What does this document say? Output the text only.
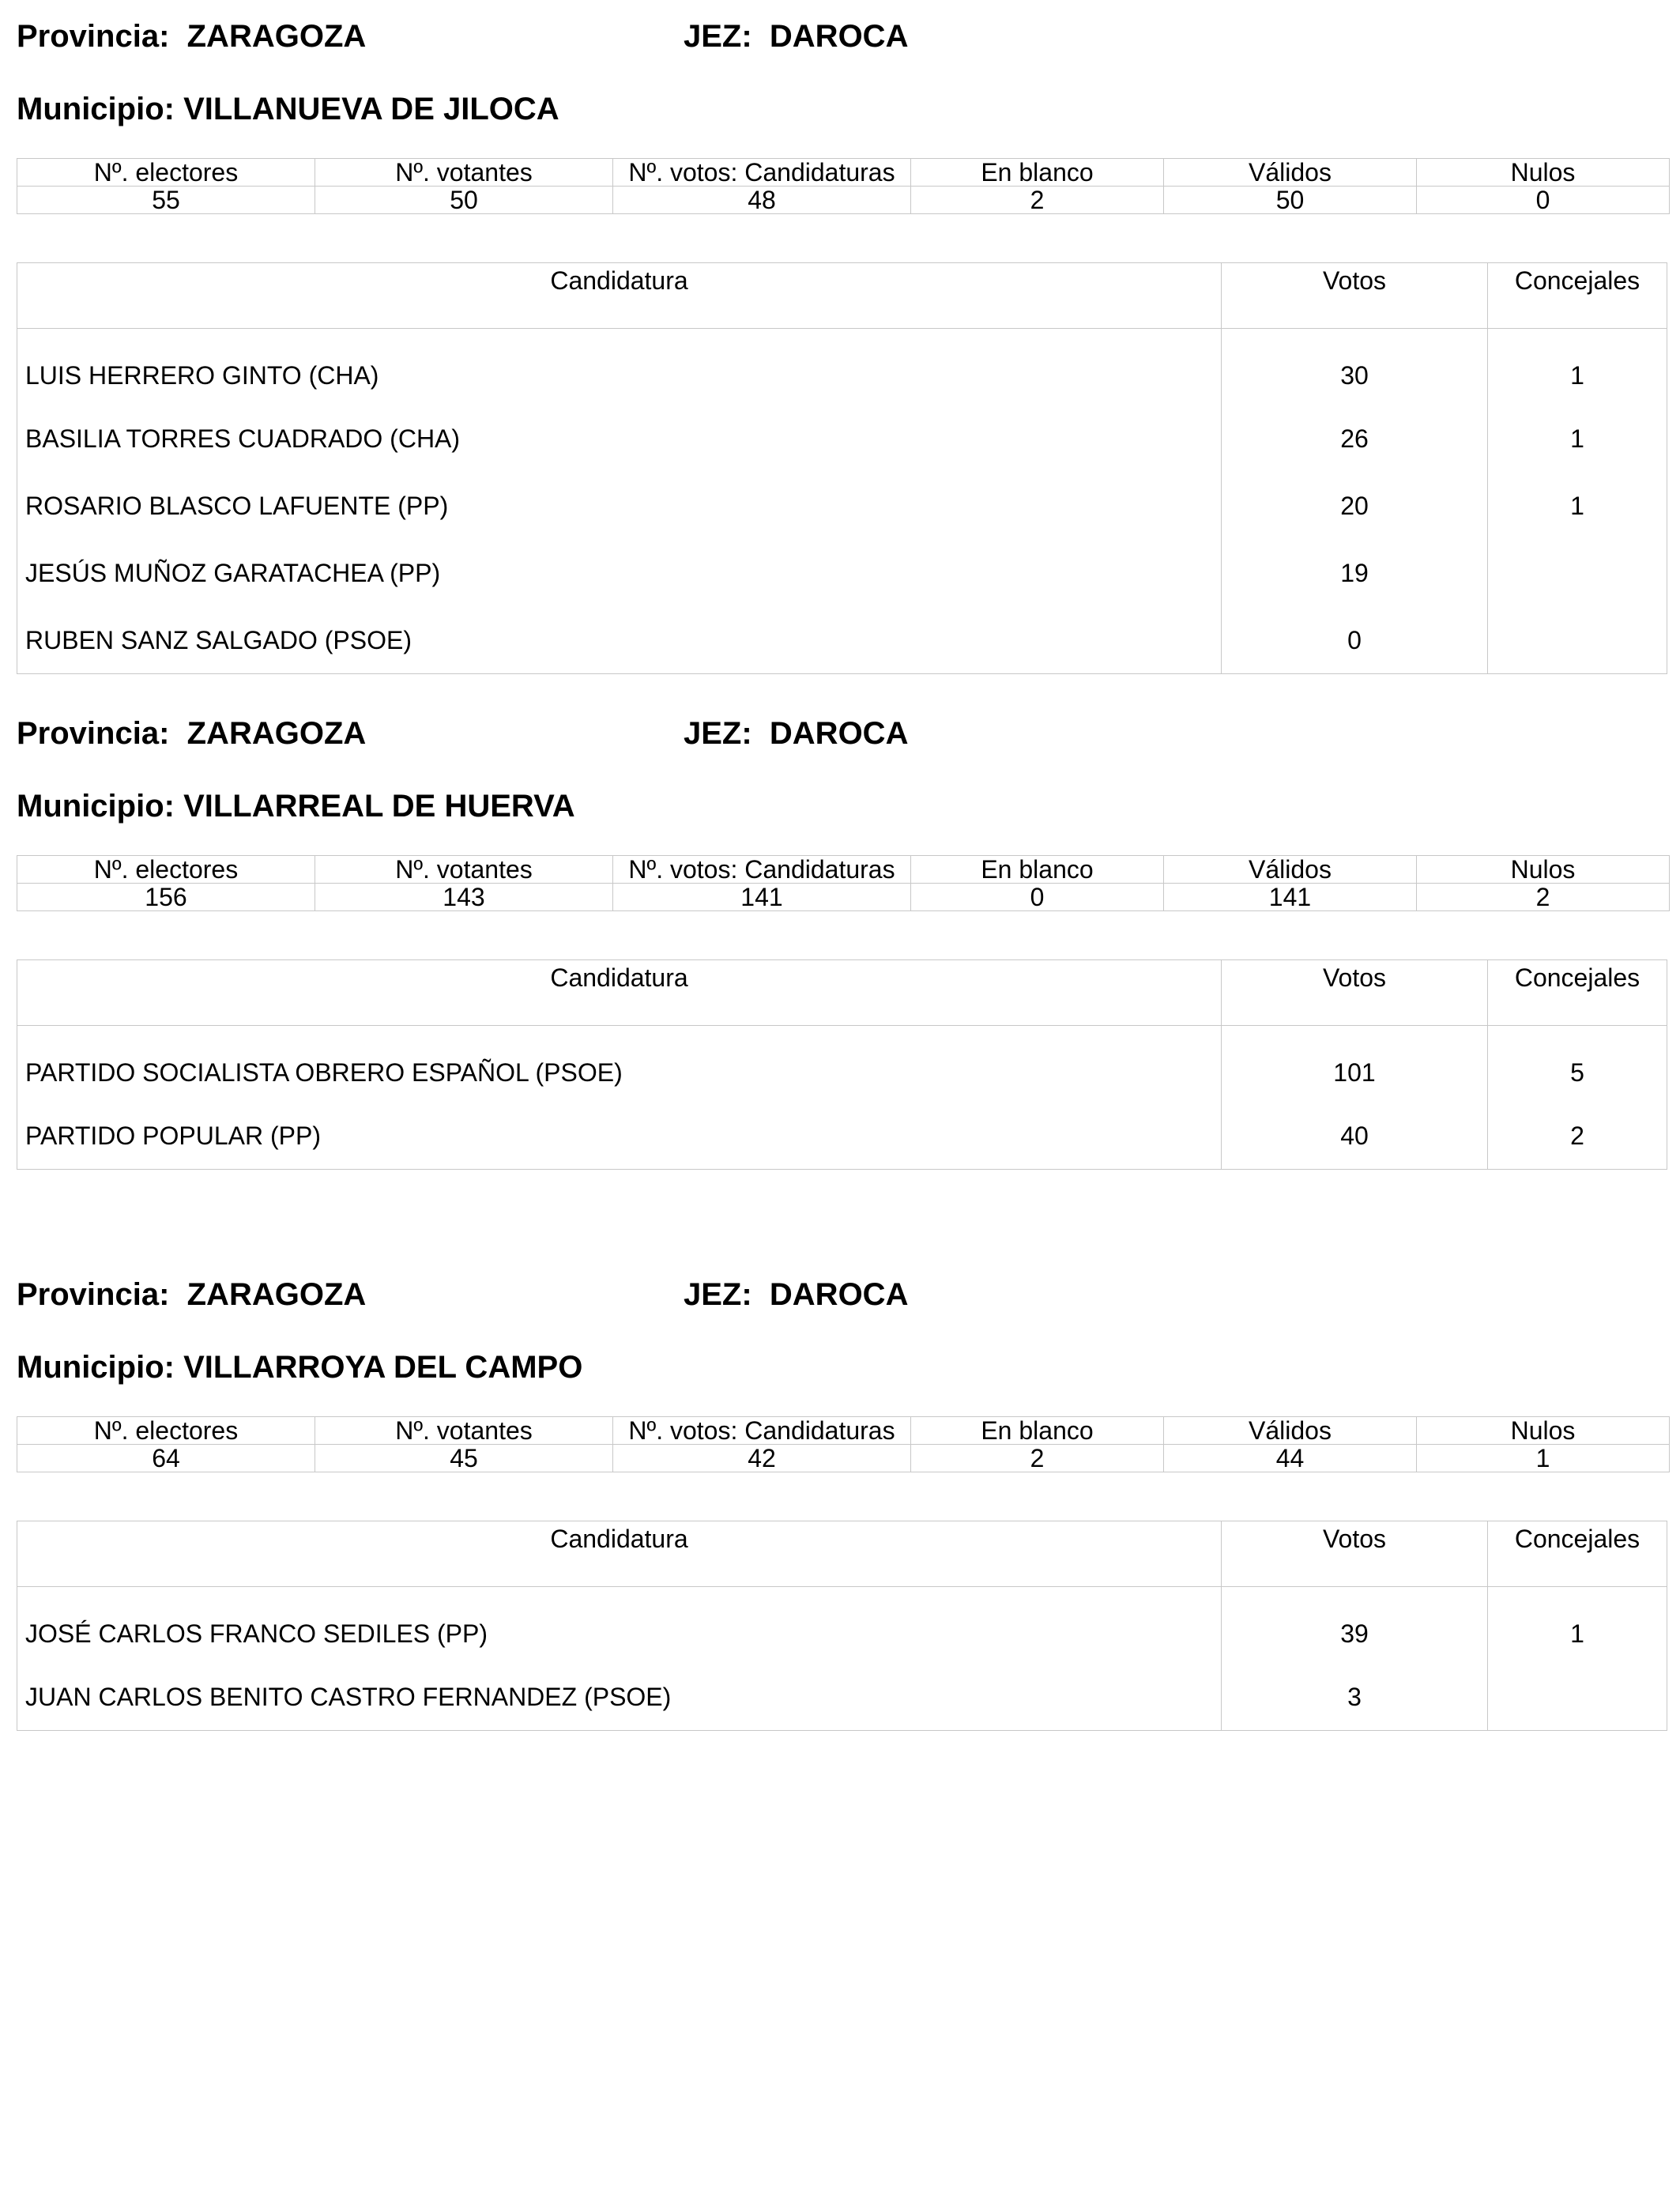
Provincia:  ZARAGOZA	JEZ:  DAROCA
Municipio: VILLANUEVA DE JILOCA
Nº. electores	Nº. votantes	Nº. votos: Candidaturas	En blanco	Válidos	Nulos
55	50	48	2	50	0
Candidatura	Votos	Concejales
LUIS HERRERO GINTO (CHA)	30	1
BASILIA TORRES CUADRADO (CHA)	26	1
ROSARIO BLASCO LAFUENTE (PP)	20	1
JESÚS MUÑOZ GARATACHEA (PP)	19	
RUBEN SANZ SALGADO (PSOE)	0	
Provincia:  ZARAGOZA	JEZ:  DAROCA
Municipio: VILLARREAL DE HUERVA
Nº. electores	Nº. votantes	Nº. votos: Candidaturas	En blanco	Válidos	Nulos
156	143	141	0	141	2
Candidatura	Votos	Concejales
PARTIDO SOCIALISTA OBRERO ESPAÑOL (PSOE)	101	5
PARTIDO POPULAR (PP)	40	2
Provincia:  ZARAGOZA	JEZ:  DAROCA
Municipio: VILLARROYA DEL CAMPO
Nº. electores	Nº. votantes	Nº. votos: Candidaturas	En blanco	Válidos	Nulos
64	45	42	2	44	1
Candidatura	Votos	Concejales
JOSÉ CARLOS FRANCO SEDILES (PP)	39	1
JUAN CARLOS BENITO CASTRO FERNANDEZ (PSOE)	3	
